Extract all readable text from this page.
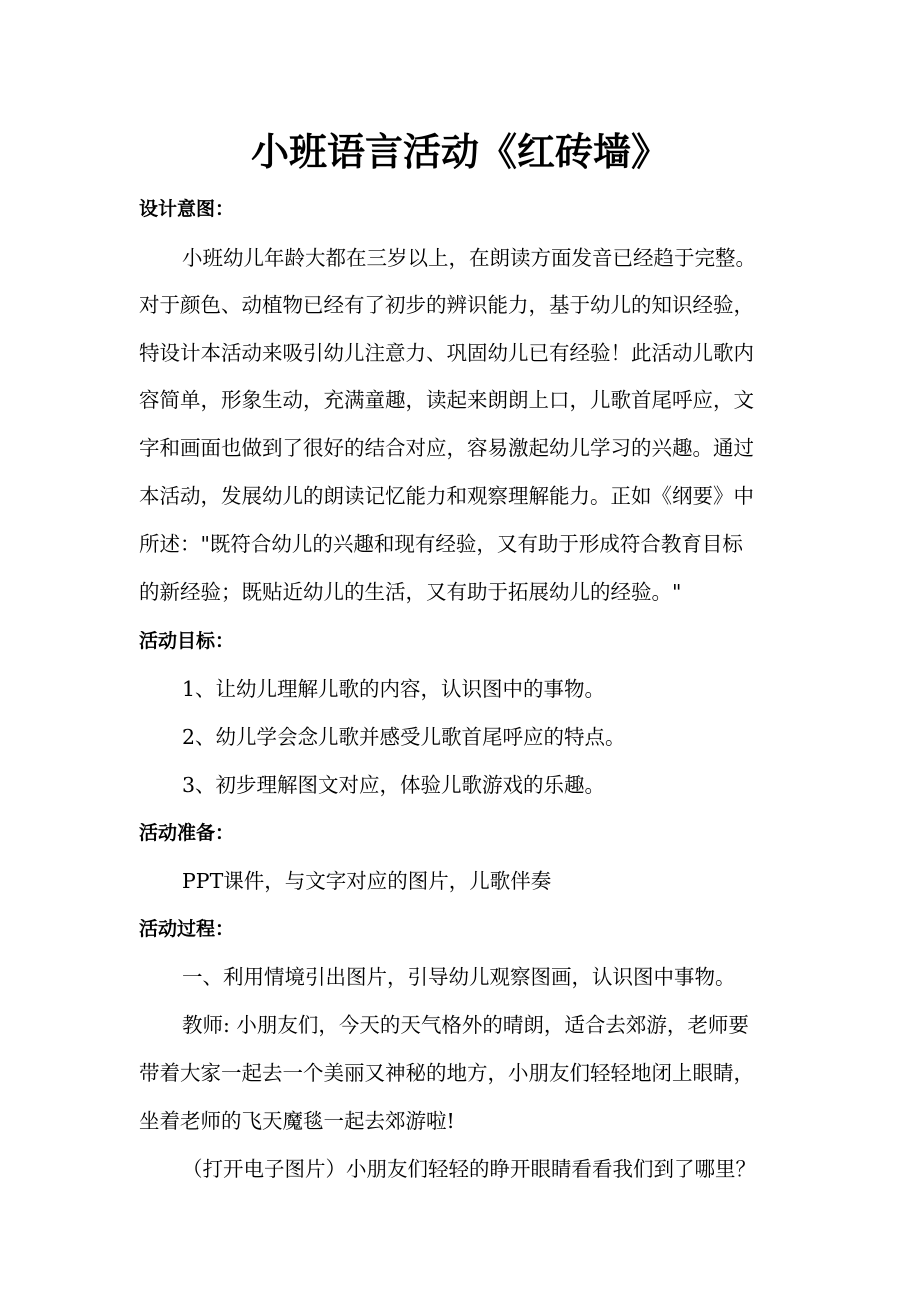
小班语言活动《红砖墙》
设计意图：
小班幼儿年龄大都在三岁以上，在朗读方面发音已经趋于完整。
对于颜色、动植物已经有了初步的辨识能力，基于幼儿的知识经验，
特设计本活动来吸引幼儿注意力、巩固幼儿已有经验！此活动儿歌内
容简单，形象生动，充满童趣，读起来朗朗上口，儿歌首尾呼应，文
字和画面也做到了很好的结合对应，容易激起幼儿学习的兴趣。通过
本活动，发展幼儿的朗读记忆能力和观察理解能力。正如《纲要》中
所述："既符合幼儿的兴趣和现有经验，又有助于形成符合教育目标
的新经验；既贴近幼儿的生活，又有助于拓展幼儿的经验。"
活动目标：
1、让幼儿理解儿歌的内容，认识图中的事物。
2、幼儿学会念儿歌并感受儿歌首尾呼应的特点。
3、初步理解图文对应，体验儿歌游戏的乐趣。
活动准备：
PPT课件，与文字对应的图片，儿歌伴奏
活动过程：
一、利用情境引出图片，引导幼儿观察图画，认识图中事物。
教师: 小朋友们，今天的天气格外的晴朗，适合去郊游，老师要
带着大家一起去一个美丽又神秘的地方，小朋友们轻轻地闭上眼睛，
坐着老师的飞天魔毯一起去郊游啦!
（打开电子图片）小朋友们轻轻的睁开眼睛看看我们到了哪里？
